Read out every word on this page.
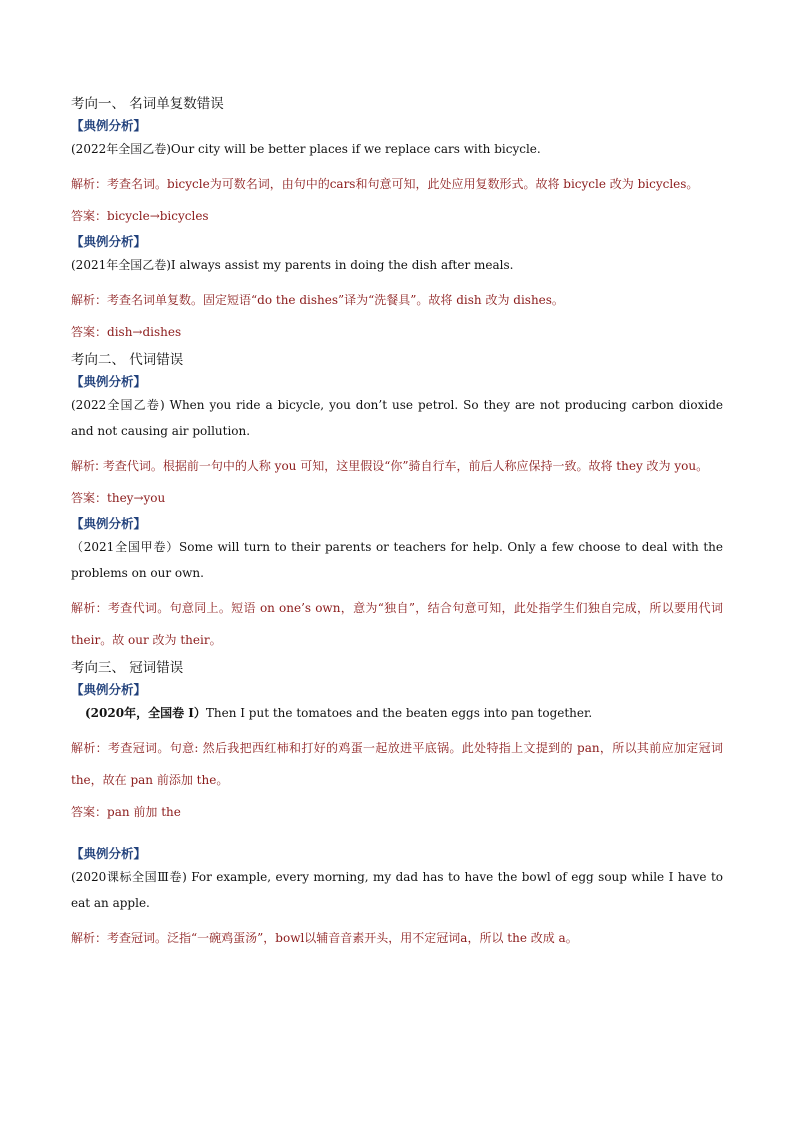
考向一、 名词单复数错误
【典例分析】
(2022年全国乙卷)Our city will be better places if we replace cars with bicycle.
解析：考查名词。bicycle为可数名词，由句中的cars和句意可知，此处应用复数形式。故将 bicycle 改为 bicycles。
答案：bicycle→bicycles
【典例分析】
(2021年全国乙卷)I always assist my parents in doing the dish after meals.
解析：考查名词单复数。固定短语“do the dishes”译为“洗餐具”。故将 dish 改为 dishes。
答案：dish→dishes
考向二、 代词错误
【典例分析】
(2022全国乙卷) When you ride a bicycle, you don’t use petrol. So they are not producing carbon dioxide and not causing air pollution.
解析: 考查代词。根据前一句中的人称 you 可知，这里假设“你”骑自行车，前后人称应保持一致。故将 they 改为 you。
答案：they→you
【典例分析】
（2021全国甲卷）Some will turn to their parents or teachers for help. Only a few choose to deal with the problems on our own.
解析：考查代词。句意同上。短语 on one’s own，意为“独自”，结合句意可知，此处指学生们独自完成，所以要用代词 their。故 our 改为 their。
考向三、 冠词错误
【典例分析】
(2020年，全国卷 I）Then I put the tomatoes and the beaten eggs into pan together.
解析：考查冠词。句意: 然后我把西红柿和打好的鸡蛋一起放进平底锅。此处特指上文提到的 pan，所以其前应加定冠词 the，故在 pan 前添加 the。
答案：pan 前加 the
【典例分析】
(2020课标全国Ⅲ卷) For example, every morning, my dad has to have the bowl of egg soup while I have to eat an apple.
解析：考查冠词。泛指“一碗鸡蛋汤”，bowl以辅音音素开头，用不定冠词a，所以 the 改成 a。
